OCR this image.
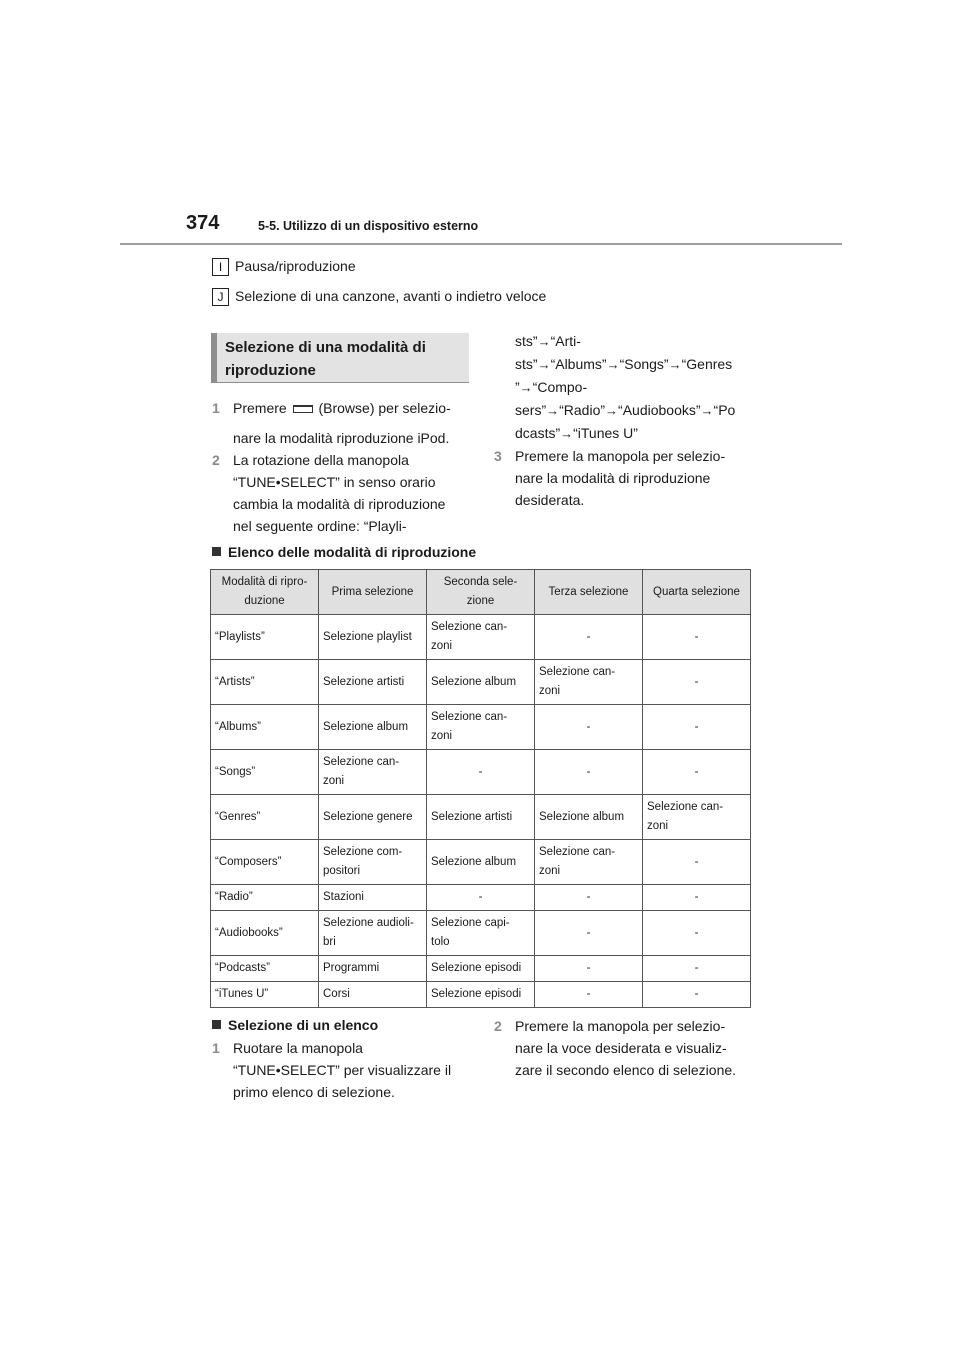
374	5-5. Utilizzo di un dispositivo esterno
I Pausa/riproduzione
J Selezione di una canzone, avanti o indietro veloce
Selezione di una modalità di
riproduzione
1 Premere (Browse) per selezio-
nare la modalità riproduzione iPod.
2 La rotazione della manopola
“TUNE•SELECT” in senso orario
cambia la modalità di riproduzione
nel seguente ordine: “Playli-
sts”→“Arti-
sts”→“Albums”→“Songs”→“Genres
”→“Compo-
sers”→“Radio”→“Audiobooks”→“Po
dcasts”→“iTunes U”
3 Premere la manopola per selezio-
nare la modalità di riproduzione
desiderata.
Elenco delle modalità di riproduzione
Modalità di ripro-
duzione	Prima selezione	Seconda sele-
zione	Terza selezione	Quarta selezione
“Playlists”	Selezione playlist	Selezione can-
zoni	-	-
“Artists”	Selezione artisti	Selezione album	Selezione can-
zoni	-
“Albums”	Selezione album	Selezione can-
zoni	-	-
“Songs”	Selezione can-
zoni	-	-	-
“Genres”	Selezione genere	Selezione artisti	Selezione album	Selezione can-
zoni
“Composers”	Selezione com-
positori	Selezione album	Selezione can-
zoni	-
“Radio”	Stazioni	-	-	-
“Audiobooks”	Selezione audioli-
bri	Selezione capi-
tolo	-	-
“Podcasts”	Programmi	Selezione episodi	-	-
“iTunes U”	Corsi	Selezione episodi	-	-
Selezione di un elenco
1 Ruotare la manopola
“TUNE•SELECT” per visualizzare il
primo elenco di selezione.
2 Premere la manopola per selezio-
nare la voce desiderata e visualiz-
zare il secondo elenco di selezione.
